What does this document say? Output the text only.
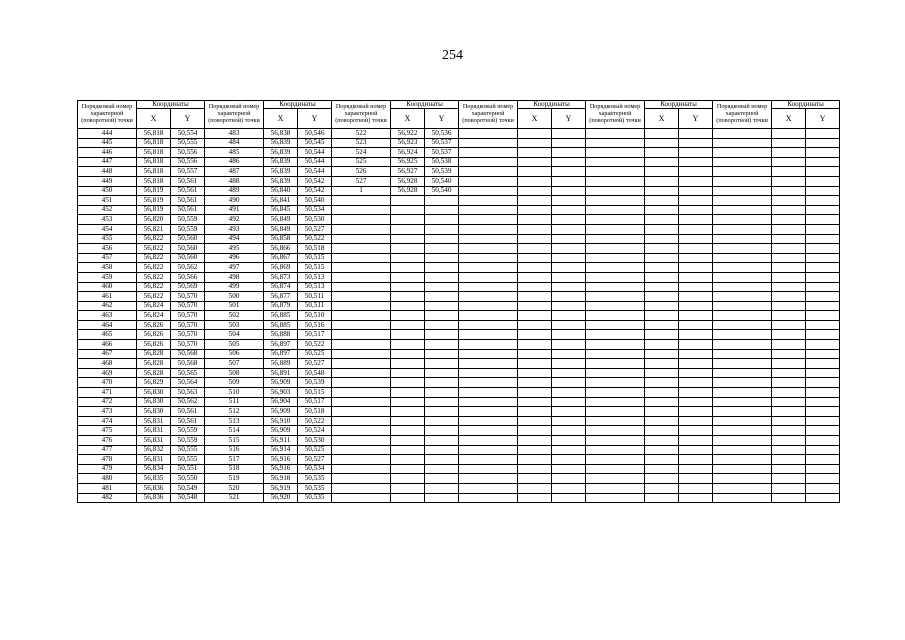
254
Порядковый номер характерной (поворотной) точки	Координаты		Порядковый номер характерной (поворотной) точки	Координаты		Порядковый номер характерной (поворотной) точки	Координаты		Порядковый номер характерной (поворотной) точки	Координаты		Порядковый номер характерной (поворотной) точки	Координаты		Порядковый номер характерной (поворотной) точки	Координаты	
	X	Y		X	Y		X	Y		X	Y		X	Y		X	Y
444	56,818	50,554	483	56,838	50,546	522	56,922	50,536									
445	56,818	50,555	484	56,839	50,545	523	56,923	50,537									
446	56,818	50,556	485	56,839	50,544	524	56,924	50,537									
447	56,818	50,556	486	56,839	50,544	525	56,925	50,538									
448	56,818	50,557	487	56,839	50,544	526	56,927	50,539									
449	56,818	50,561	488	56,839	50,542	527	56,928	50,540									
450	56,819	50,561	489	56,840	50,542	1	56,928	50,540									
451	56,819	50,561	490	56,841	50,540												
452	56,819	50,561	491	56,845	50,534												
453	56,820	50,559	492	56,849	50,530												
454	56,821	50,559	493	56,849	50,527												
455	56,822	50,560	494	56,858	50,522												
456	56,822	50,560	495	56,866	50,518												
457	56,822	50,560	496	56,867	50,515												
458	56,822	50,562	497	56,869	50,515												
459	56,822	50,566	498	56,873	50,513												
460	56,822	50,569	499	56,874	50,513												
461	56,822	50,570	500	56,877	50,511												
462	56,824	50,570	501	56,879	50,511												
463	56,824	50,570	502	56,885	50,510												
464	56,826	50,570	503	56,885	50,516												
465	56,826	50,570	504	56,888	50,517												
466	56,826	50,570	505	56,897	50,522												
467	56,828	50,568	506	56,897	50,525												
468	56,828	50,568	507	56,889	50,527												
469	56,828	50,565	508	56,891	50,548												
470	56,829	50,564	509	56,909	50,539												
471	56,830	50,563	510	56,903	50,515												
472	56,830	50,562	511	56,904	50,517												
473	56,830	50,561	512	56,909	50,518												
474	56,831	50,561	513	56,910	50,522												
475	56,831	50,559	514	56,909	50,524												
476	56,831	50,559	515	56,911	50,530												
477	56,832	50,555	516	56,914	50,525												
478	56,831	50,555	517	56,916	50,527												
479	56,834	50,551	518	56,916	50,534												
480	56,835	50,550	519	56,918	50,535												
481	56,836	50,549	520	56,919	50,535												
482	56,836	50,548	521	56,920	50,535												
